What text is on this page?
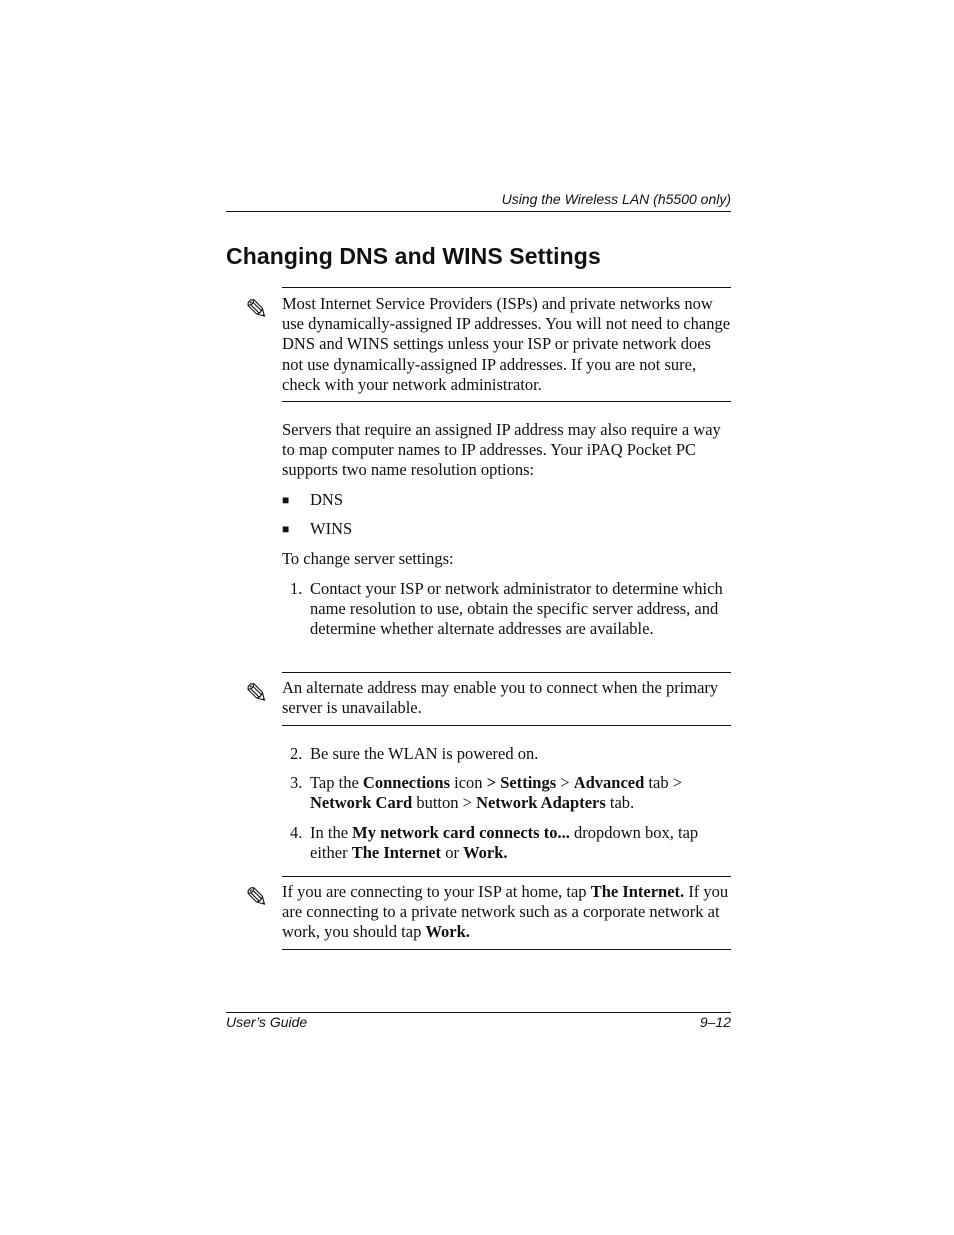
Using the Wireless LAN (h5500 only)
Changing DNS and WINS Settings
✎ Most Internet Service Providers (ISPs) and private networks now use dynamically-assigned IP addresses. You will not need to change DNS and WINS settings unless your ISP or private network does not use dynamically-assigned IP addresses. If you are not sure, check with your network administrator.
Servers that require an assigned IP address may also require a way to map computer names to IP addresses. Your iPAQ Pocket PC supports two name resolution options:
■ DNS
■ WINS
To change server settings:
1. Contact your ISP or network administrator to determine which name resolution to use, obtain the specific server address, and determine whether alternate addresses are available.
✎ An alternate address may enable you to connect when the primary server is unavailable.
2. Be sure the WLAN is powered on.
3. Tap the Connections icon > Settings > Advanced tab > Network Card button > Network Adapters tab.
4. In the My network card connects to... dropdown box, tap either The Internet or Work.
✎ If you are connecting to your ISP at home, tap The Internet. If you are connecting to a private network such as a corporate network at work, you should tap Work.
User’s Guide	9–12
